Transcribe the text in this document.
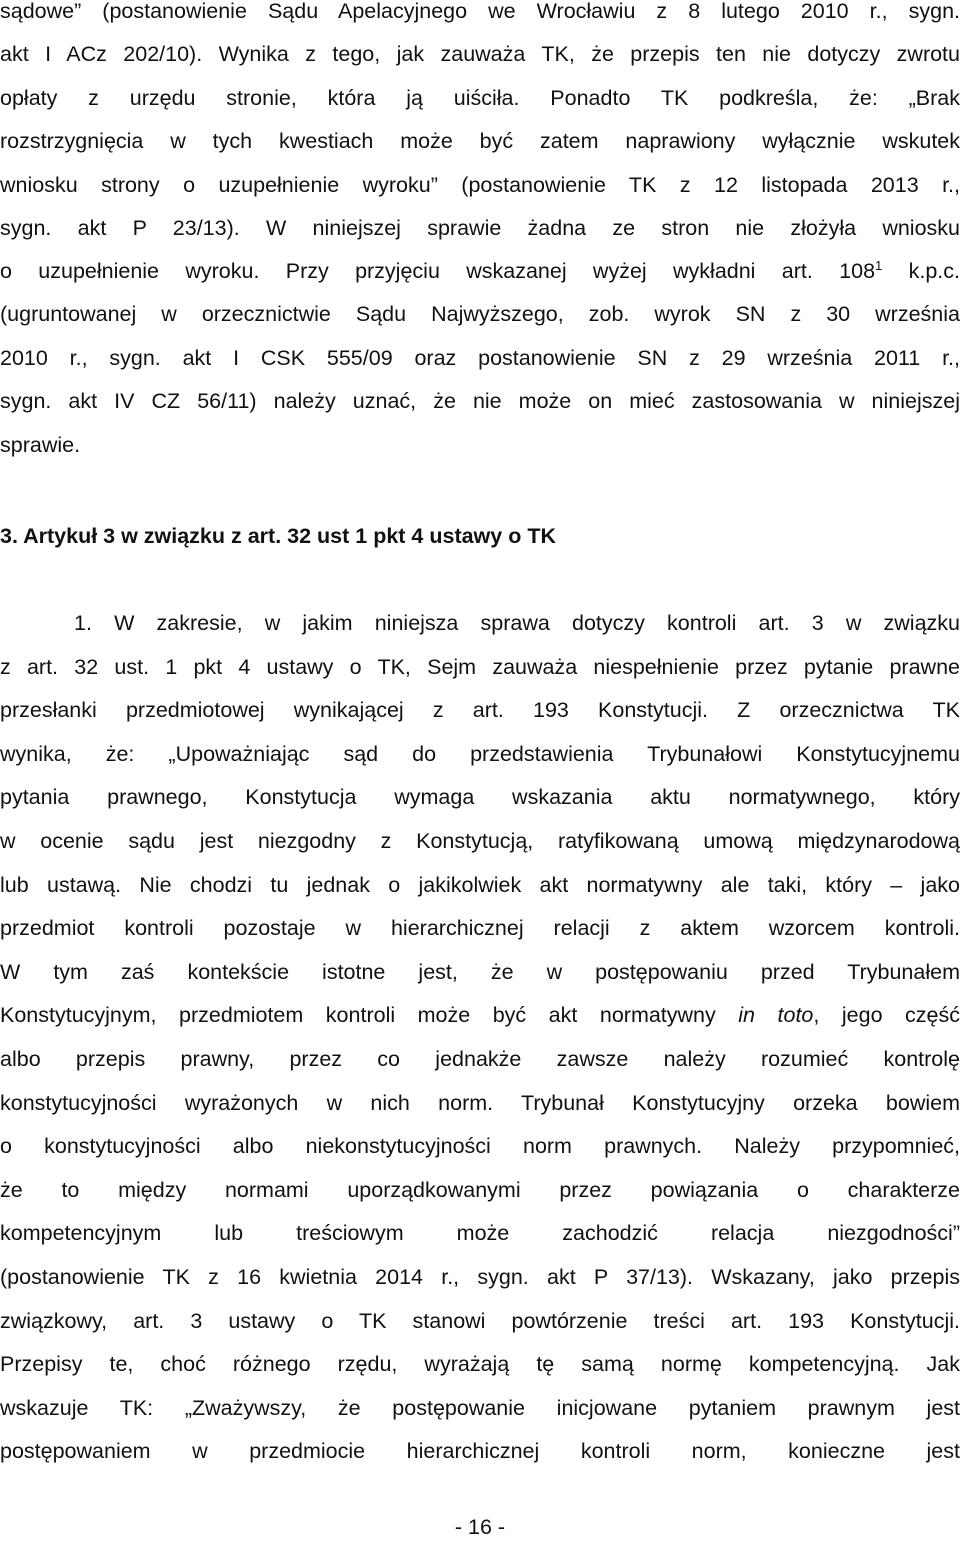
sądowe” (postanowienie Sądu Apelacyjnego we Wrocławiu z 8 lutego 2010 r., sygn.
akt I ACz 202/10). Wynika z tego, jak zauważa TK, że przepis ten nie dotyczy zwrotu
opłaty z urzędu stronie, która ją uiściła. Ponadto TK podkreśla, że: „Brak
rozstrzygnięcia w tych kwestiach może być zatem naprawiony wyłącznie wskutek
wniosku strony o uzupełnienie wyroku” (postanowienie TK z 12 listopada 2013 r.,
sygn. akt P 23/13). W niniejszej sprawie żadna ze stron nie złożyła wniosku
o uzupełnienie wyroku. Przy przyjęciu wskazanej wyżej wykładni art. $108^1$ k.p.c.
(ugruntowanej w orzecznictwie Sądu Najwyższego, zob. wyrok SN z 30 września
2010 r., sygn. akt I CSK 555/09 oraz postanowienie SN z 29 września 2011 r.,
sygn. akt IV CZ 56/11) należy uznać, że nie może on mieć zastosowania w niniejszej
sprawie.
3. Artykuł 3 w związku z art. 32 ust 1 pkt 4 ustawy o TK
1. W zakresie, w jakim niniejsza sprawa dotyczy kontroli art. 3 w związku
z art. 32 ust. 1 pkt 4 ustawy o TK, Sejm zauważa niespełnienie przez pytanie prawne
przesłanki przedmiotowej wynikającej z art. 193 Konstytucji. Z orzecznictwa TK
wynika, że: „Upoważniając sąd do przedstawienia Trybunałowi Konstytucyjnemu
pytania prawnego, Konstytucja wymaga wskazania aktu normatywnego, który
w ocenie sądu jest niezgodny z Konstytucją, ratyfikowaną umową międzynarodową
lub ustawą. Nie chodzi tu jednak o jakikolwiek akt normatywny ale taki, który – jako
przedmiot kontroli pozostaje w hierarchicznej relacji z aktem wzorcem kontroli.
W tym zaś kontekście istotne jest, że w postępowaniu przed Trybunałem
Konstytucyjnym, przedmiotem kontroli może być akt normatywny in toto, jego część
albo przepis prawny, przez co jednakże zawsze należy rozumieć kontrolę
konstytucyjności wyrażonych w nich norm. Trybunał Konstytucyjny orzeka bowiem
o konstytucyjności albo niekonstytucyjności norm prawnych. Należy przypomnieć,
że to między normami uporządkowanymi przez powiązania o charakterze
kompetencyjnym lub treściowym może zachodzić relacja niezgodności”
(postanowienie TK z 16 kwietnia 2014 r., sygn. akt P 37/13). Wskazany, jako przepis
związkowy, art. 3 ustawy o TK stanowi powtórzenie treści art. 193 Konstytucji.
Przepisy te, choć różnego rzędu, wyrażają tę samą normę kompetencyjną. Jak
wskazuje TK: „Zważywszy, że postępowanie inicjowane pytaniem prawnym jest
postępowaniem w przedmiocie hierarchicznej kontroli norm, konieczne jest
- 16 -
